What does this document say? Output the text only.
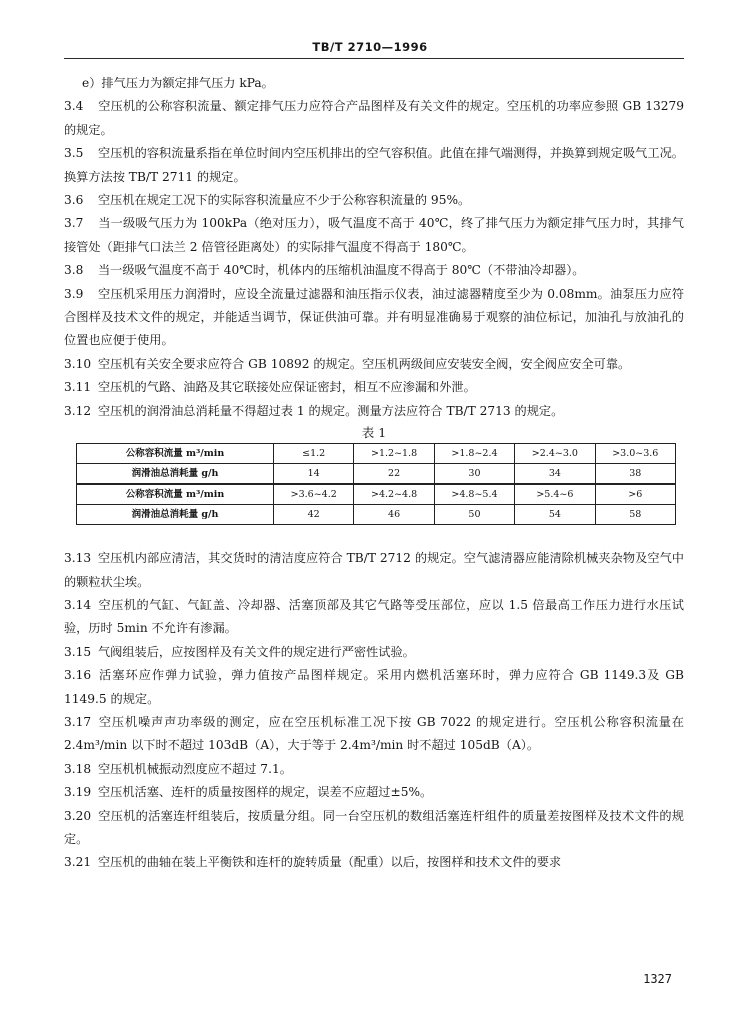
TB/T 2710—1996

e）排气压力为额定排气压力 kPa。

3.4 空压机的公称容积流量、额定排气压力应符合产品图样及有关文件的规定。空压机的功率应参照 GB 13279 的规定。

3.5 空压机的容积流量系指在单位时间内空压机排出的空气容积值。此值在排气端测得，并换算到规定吸气工况。换算方法按 TB/T 2711 的规定。

3.6 空压机在规定工况下的实际容积流量应不少于公称容积流量的 95%。

3.7 当一级吸气压力为 100kPa（绝对压力），吸气温度不高于 40℃，终了排气压力为额定排气压力时，其排气接管处（距排气口法兰 2 倍管径距离处）的实际排气温度不得高于 180℃。

3.8 当一级吸气温度不高于 40℃时，机体内的压缩机油温度不得高于 80℃（不带油冷却器）。

3.9 空压机采用压力润滑时，应设全流量过滤器和油压指示仪表，油过滤器精度至少为 0.08mm。油泵压力应符合图样及技术文件的规定，并能适当调节，保证供油可靠。并有明显准确易于观察的油位标记，加油孔与放油孔的位置也应便于使用。

3.10 空压机有关安全要求应符合 GB 10892 的规定。空压机两级间应安装安全阀，安全阀应安全可靠。

3.11 空压机的气路、油路及其它联接处应保证密封，相互不应渗漏和外泄。

3.12 空压机的润滑油总消耗量不得超过表 1 的规定。测量方法应符合 TB/T 2713 的规定。

表 1

公称容积流量 m³/min	≤1.2	>1.2~1.8	>1.8~2.4	>2.4~3.0	>3.0~3.6
润滑油总消耗量 g/h	14	22	30	34	38
公称容积流量 m³/min	>3.6~4.2	>4.2~4.8	>4.8~5.4	>5.4~6	>6
润滑油总消耗量 g/h	42	46	50	54	58

3.13 空压机内部应清洁，其交货时的清洁度应符合 TB/T 2712 的规定。空气滤清器应能清除机械夹杂物及空气中的颗粒状尘埃。

3.14 空压机的气缸、气缸盖、冷却器、活塞顶部及其它气路等受压部位，应以 1.5 倍最高工作压力进行水压试验，历时 5min 不允许有渗漏。

3.15 气阀组装后，应按图样及有关文件的规定进行严密性试验。

3.16 活塞环应作弹力试验，弹力值按产品图样规定。采用内燃机活塞环时，弹力应符合 GB 1149.3及 GB 1149.5 的规定。

3.17 空压机噪声声功率级的测定，应在空压机标准工况下按 GB 7022 的规定进行。空压机公称容积流量在 2.4m³/min 以下时不超过 103dB（A），大于等于 2.4m³/min 时不超过 105dB（A）。

3.18 空压机机械振动烈度应不超过 7.1。

3.19 空压机活塞、连杆的质量按图样的规定，误差不应超过±5%。

3.20 空压机的活塞连杆组装后，按质量分组。同一台空压机的数组活塞连杆组件的质量差按图样及技术文件的规定。

3.21 空压机的曲轴在装上平衡铁和连杆的旋转质量（配重）以后，按图样和技术文件的要求

1327
